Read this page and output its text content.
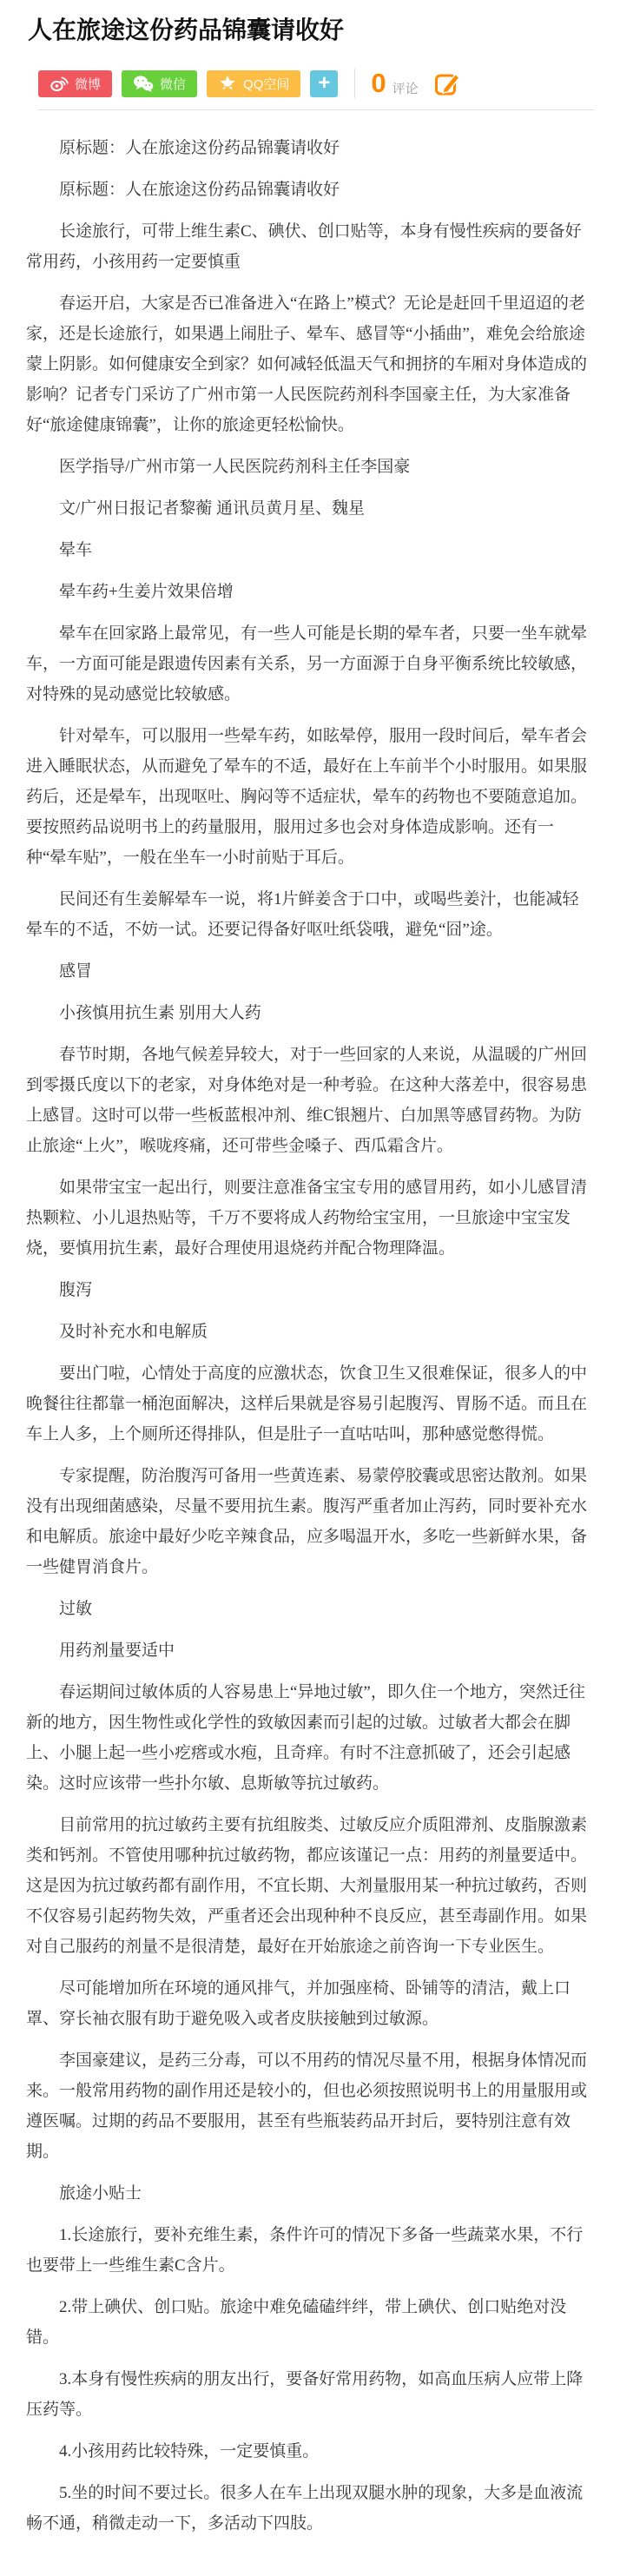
人在旅途这份药品锦囊请收好
微博	微信	QQ空间 + 0 评论

原标题：人在旅途这份药品锦囊请收好

原标题：人在旅途这份药品锦囊请收好

长途旅行，可带上维生素C、碘伏、创口贴等，本身有慢性疾病的要备好常用药，小孩用药一定要慎重

春运开启，大家是否已准备进入“在路上”模式？无论是赶回千里迢迢的老家，还是长途旅行，如果遇上闹肚子、晕车、感冒等“小插曲”，难免会给旅途蒙上阴影。如何健康安全到家？如何减轻低温天气和拥挤的车厢对身体造成的影响？记者专门采访了广州市第一人民医院药剂科李国豪主任，为大家准备好“旅途健康锦囊”，让你的旅途更轻松愉快。

医学指导/广州市第一人民医院药剂科主任李国豪

文/广州日报记者黎蘅 通讯员黄月星、魏星

晕车

晕车药+生姜片效果倍增

晕车在回家路上最常见，有一些人可能是长期的晕车者，只要一坐车就晕车，一方面可能是跟遗传因素有关系，另一方面源于自身平衡系统比较敏感，对特殊的晃动感觉比较敏感。

针对晕车，可以服用一些晕车药，如眩晕停，服用一段时间后，晕车者会进入睡眠状态，从而避免了晕车的不适，最好在上车前半个小时服用。如果服药后，还是晕车，出现呕吐、胸闷等不适症状，晕车的药物也不要随意追加。要按照药品说明书上的药量服用，服用过多也会对身体造成影响。还有一种“晕车贴”，一般在坐车一小时前贴于耳后。

民间还有生姜解晕车一说，将1片鲜姜含于口中，或喝些姜汁，也能减轻晕车的不适，不妨一试。还要记得备好呕吐纸袋哦，避免“囧”途。

感冒

小孩慎用抗生素 别用大人药

春节时期，各地气候差异较大，对于一些回家的人来说，从温暖的广州回到零摄氏度以下的老家，对身体绝对是一种考验。在这种大落差中，很容易患上感冒。这时可以带一些板蓝根冲剂、维C银翘片、白加黑等感冒药物。为防止旅途“上火”，喉咙疼痛，还可带些金嗓子、西瓜霜含片。

如果带宝宝一起出行，则要注意准备宝宝专用的感冒用药，如小儿感冒清热颗粒、小儿退热贴等，千万不要将成人药物给宝宝用，一旦旅途中宝宝发烧，要慎用抗生素，最好合理使用退烧药并配合物理降温。

腹泻

及时补充水和电解质

要出门啦，心情处于高度的应激状态，饮食卫生又很难保证，很多人的中晚餐往往都靠一桶泡面解决，这样后果就是容易引起腹泻、胃肠不适。而且在车上人多，上个厕所还得排队，但是肚子一直咕咕叫，那种感觉憋得慌。

专家提醒，防治腹泻可备用一些黄连素、易蒙停胶囊或思密达散剂。如果没有出现细菌感染，尽量不要用抗生素。腹泻严重者加止泻药，同时要补充水和电解质。旅途中最好少吃辛辣食品，应多喝温开水，多吃一些新鲜水果，备一些健胃消食片。

过敏

用药剂量要适中

春运期间过敏体质的人容易患上“异地过敏”，即久住一个地方，突然迁往新的地方，因生物性或化学性的致敏因素而引起的过敏。过敏者大都会在脚上、小腿上起一些小疙瘩或水疱，且奇痒。有时不注意抓破了，还会引起感染。这时应该带一些扑尔敏、息斯敏等抗过敏药。

目前常用的抗过敏药主要有抗组胺类、过敏反应介质阻滞剂、皮脂腺激素类和钙剂。不管使用哪种抗过敏药物，都应该谨记一点：用药的剂量要适中。这是因为抗过敏药都有副作用，不宜长期、大剂量服用某一种抗过敏药，否则不仅容易引起药物失效，严重者还会出现种种不良反应，甚至毒副作用。如果对自己服药的剂量不是很清楚，最好在开始旅途之前咨询一下专业医生。

尽可能增加所在环境的通风排气，并加强座椅、卧铺等的清洁，戴上口罩、穿长袖衣服有助于避免吸入或者皮肤接触到过敏源。

李国豪建议，是药三分毒，可以不用药的情况尽量不用，根据身体情况而来。一般常用药物的副作用还是较小的，但也必须按照说明书上的用量服用或遵医嘱。过期的药品不要服用，甚至有些瓶装药品开封后，要特别注意有效期。

旅途小贴士

1.长途旅行，要补充维生素，条件许可的情况下多备一些蔬菜水果，不行也要带上一些维生素C含片。

2.带上碘伏、创口贴。旅途中难免磕磕绊绊，带上碘伏、创口贴绝对没错。

3.本身有慢性疾病的朋友出行，要备好常用药物，如高血压病人应带上降压药等。

4.小孩用药比较特殊，一定要慎重。

5.坐的时间不要过长。很多人在车上出现双腿水肿的现象，大多是血液流畅不通，稍微走动一下，多活动下四肢。
